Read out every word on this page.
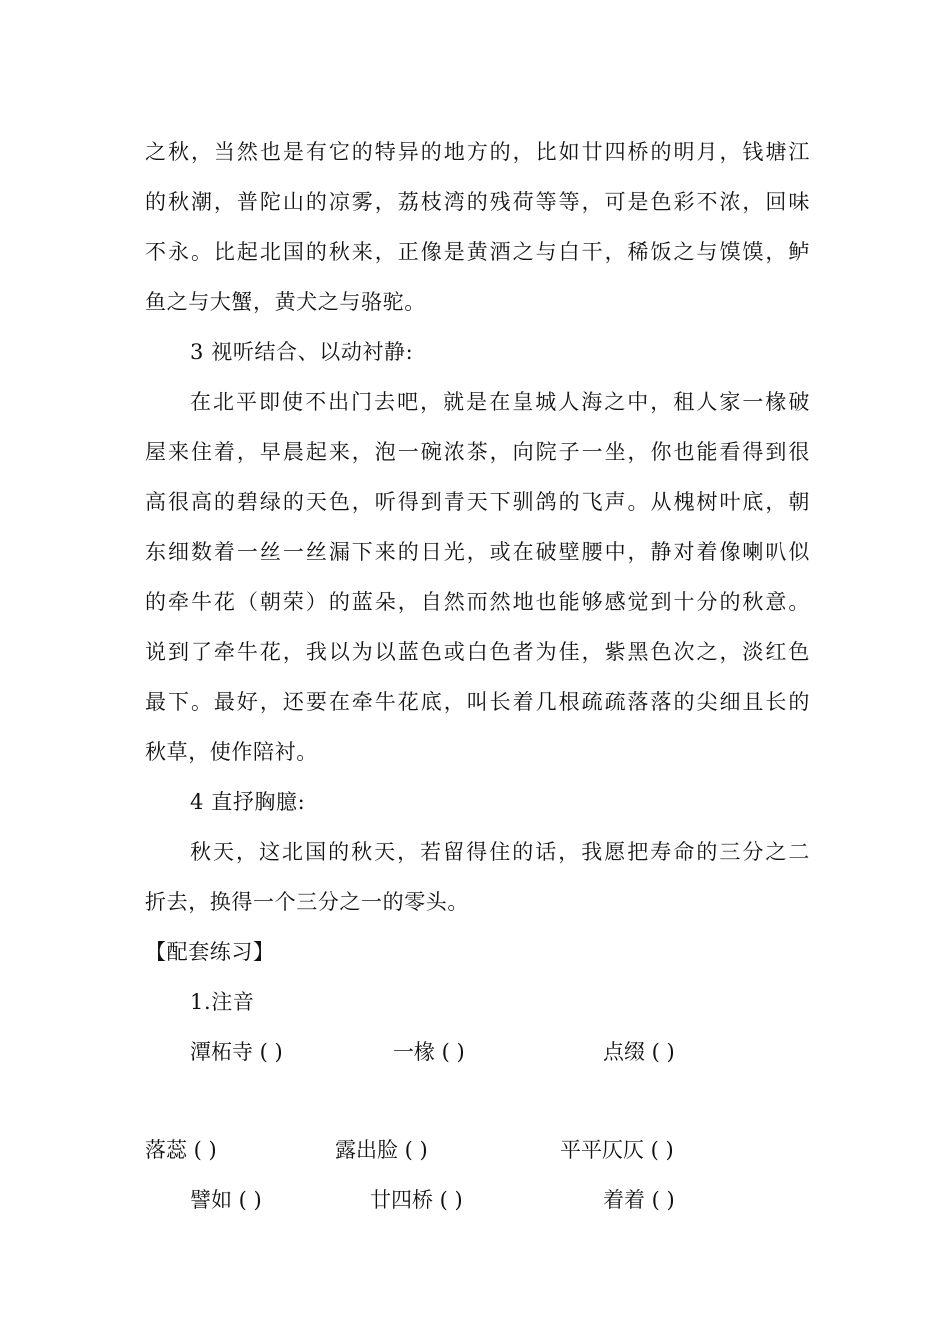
之秋，当然也是有它的特异的地方的，比如廿四桥的明月，钱塘江
的秋潮，普陀山的凉雾，荔枝湾的残荷等等，可是色彩不浓，回味
不永。比起北国的秋来，正像是黄酒之与白干，稀饭之与馍馍，鲈
鱼之与大蟹，黄犬之与骆驼。
3 视听结合、以动衬静:
在北平即使不出门去吧，就是在皇城人海之中，租人家一椽破
屋来住着，早晨起来，泡一碗浓茶，向院子一坐，你也能看得到很
高很高的碧绿的天色，听得到青天下驯鸽的飞声。从槐树叶底，朝
东细数着一丝一丝漏下来的日光，或在破壁腰中，静对着像喇叭似
的牵牛花（朝荣）的蓝朵，自然而然地也能够感觉到十分的秋意。
说到了牵牛花，我以为以蓝色或白色者为佳，紫黑色次之，淡红色
最下。最好，还要在牵牛花底，叫长着几根疏疏落落的尖细且长的
秋草，使作陪衬。
4 直抒胸臆:
秋天，这北国的秋天，若留得住的话，我愿把寿命的三分之二
折去，换得一个三分之一的零头。
【配套练习】
1.注音
潭柘寺 ( )	一椽 ( )	点缀 ( )
落蕊 ( )	露出脸 ( )	平平仄仄 ( )
譬如 ( )	廿四桥 ( )	着着 ( )
